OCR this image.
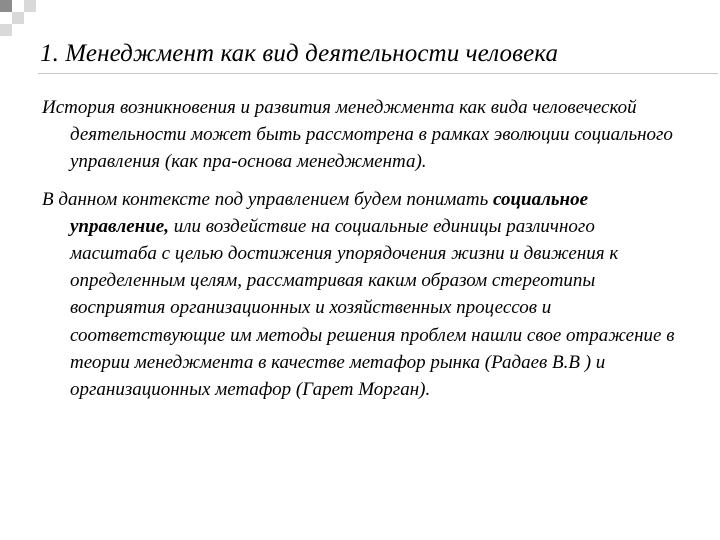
1. Менеджмент как вид деятельности человека

История возникновения и развития менеджмента как вида человеческой деятельности может быть рассмотрена в рамках эволюции социального управления (как пра-основа менеджмента).

В данном контексте под управлением будем понимать социальное управление, или воздействие на социальные единицы различного масштаба с целью достижения упорядочения жизни и движения к определенным целям, рассматривая каким образом стереотипы восприятия организационных и хозяйственных процессов и соответствующие им методы решения проблем нашли свое отражение в теории менеджмента в качестве метафор рынка (Радаев В.В ) и организационных метафор (Гарет Морган).
